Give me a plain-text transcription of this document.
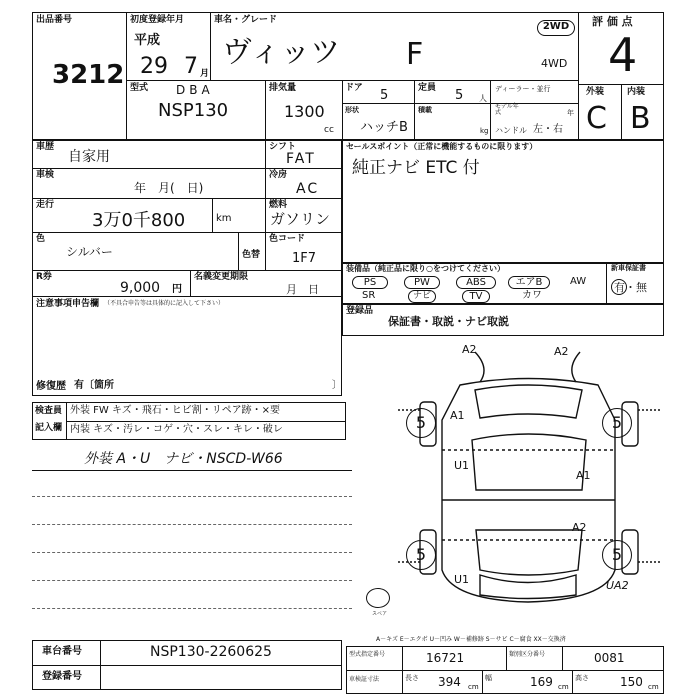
出品番号
3212
初度登録年月
平成
29 7 月
車名・グレード
ヴィッツ F
2WD
4WD
評 価 点
4
外装	内装
C B
型式 DBA
NSP130
排気量
1300
cc
ドア 5	定員 5 人
ディーラー・並行
モデル年式	年
形状
ハッチB
積載
kg ハンドル 左・右
車歴
自家用
シフト
FAT
車検
年　月(　日)
冷房
AC
走行
3万0千800	km
燃料
ガソリン
色
シルバー	色替
色コード
1F7
R券
9,000 円
名義変更期限
月　日
注意事項申告欄 （不具合申告等は具体的に記入して下さい）
修復歴 有〔箇所	〕
セールスポイント（正常に機能するものに限ります）
純正ナビ ETC 付
装備品（純正品に限り○をつけてください）	新車保証書
有・無
PS	PW	ABS	エアB	AW
SR	ナビ	TV	カワ
登録品
保証書・取説・ナビ取説
検査員
記入欄
外装 FW キズ・飛石・ヒビ割・リペア跡・×要
内装 キズ・汚レ・コゲ・穴・スレ・キレ・破レ
外装 A・U　ナビ・NSCD-W66
5	5
5	5
A2	A2
A1
U1
A1
A2
U1	UA2
スペア
A－キズ E－エクボ U－凹み W－補修跡 S－サビ C－腐食 XX－交換済
車台番号	NSP130-2260625
登録番号
型式指定番号	16721	類別区分番号	0081
車検証寸法	長さ 394 cm
幅	169 cm
高さ	150 cm
